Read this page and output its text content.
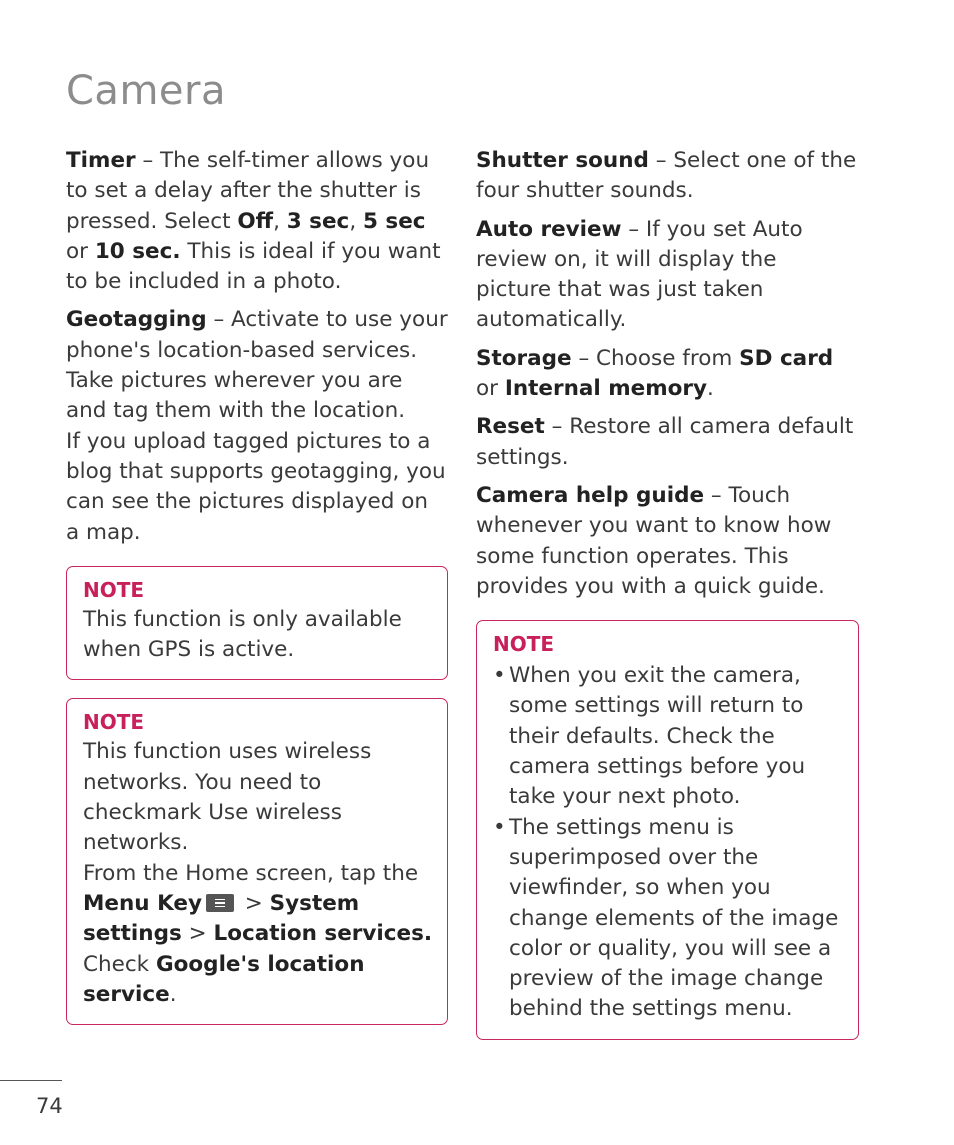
Camera

Timer – The self-timer allows you to set a delay after the shutter is pressed. Select Off, 3 sec, 5 sec or 10 sec. This is ideal if you want to be included in a photo.

Geotagging – Activate to use your phone's location-based services. Take pictures wherever you are and tag them with the location.
If you upload tagged pictures to a blog that supports geotagging, you can see the pictures displayed on a map.

NOTE

This function is only available when GPS is active.

NOTE

This function uses wireless networks. You need to checkmark Use wireless networks.
From the Home screen, tap the Menu Key
> System settings > Location services. Check Google's location service.

Shutter sound – Select one of the four shutter sounds.

Auto review – If you set Auto review on, it will display the picture that was just taken automatically.

Storage – Choose from SD card or Internal memory.

Reset – Restore all camera default settings.

Camera help guide – Touch whenever you want to know how some function operates. This provides you with a quick guide.

NOTE
• When you exit the camera, some settings will return to their defaults. Check the camera settings before you take your next photo.
• The settings menu is superimposed over the viewfinder, so when you change elements of the image color or quality, you will see a preview of the image change behind the settings menu.
74
